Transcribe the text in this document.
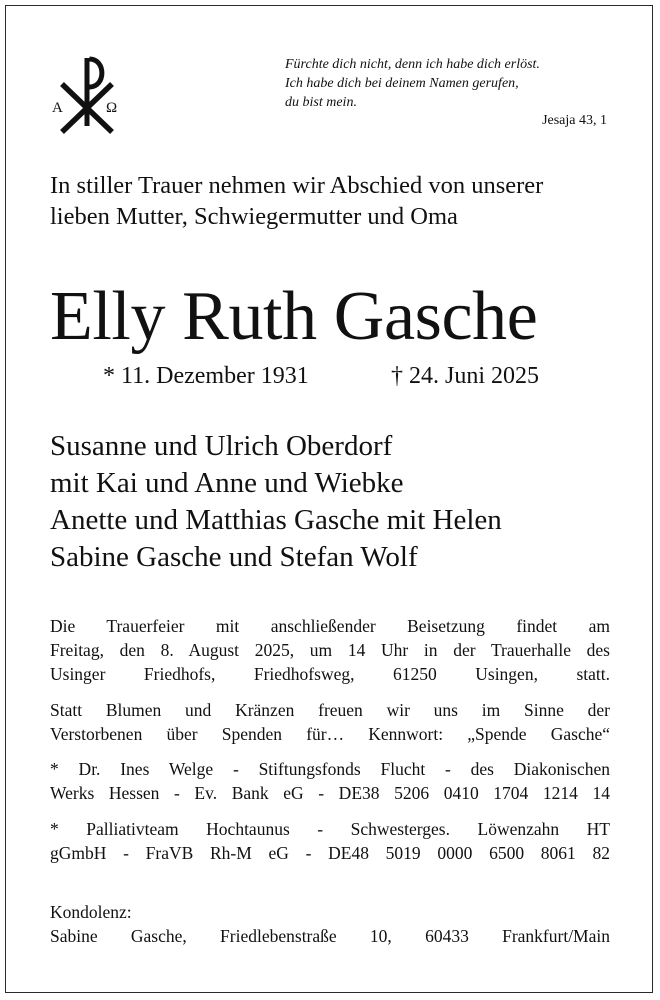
A	Ω
Fürchte dich nicht, denn ich habe dich erlöst.
Ich habe dich bei deinem Namen gerufen,
du bist mein.
Jesaja 43, 1
In stiller Trauer nehmen wir Abschied von unserer
lieben Mutter, Schwiegermutter und Oma
Elly Ruth Gasche
* 11. Dezember 1931	† 24. Juni 2025
Susanne und Ulrich Oberdorf
mit Kai und Anne und Wiebke
Anette und Matthias Gasche mit Helen
Sabine Gasche und Stefan Wolf
Die Trauerfeier mit anschließender Beisetzung findet am
Freitag, den 8. August 2025, um 14 Uhr in der Trauerhalle des
Usinger Friedhofs, Friedhofsweg, 61250 Usingen, statt.
Statt Blumen und Kränzen freuen wir uns im Sinne der
Verstorbenen über Spenden für… Kennwort: „Spende Gasche“
* Dr. Ines Welge - Stiftungsfonds Flucht - des Diakonischen
Werks Hessen - Ev. Bank eG - DE38 5206 0410 1704 1214 14
* Palliativteam Hochtaunus - Schwesterges. Löwenzahn HT
gGmbH - FraVB Rh-M eG - DE48 5019 0000 6500 8061 82
Kondolenz:
Sabine Gasche, Friedlebenstraße 10, 60433 Frankfurt/Main
